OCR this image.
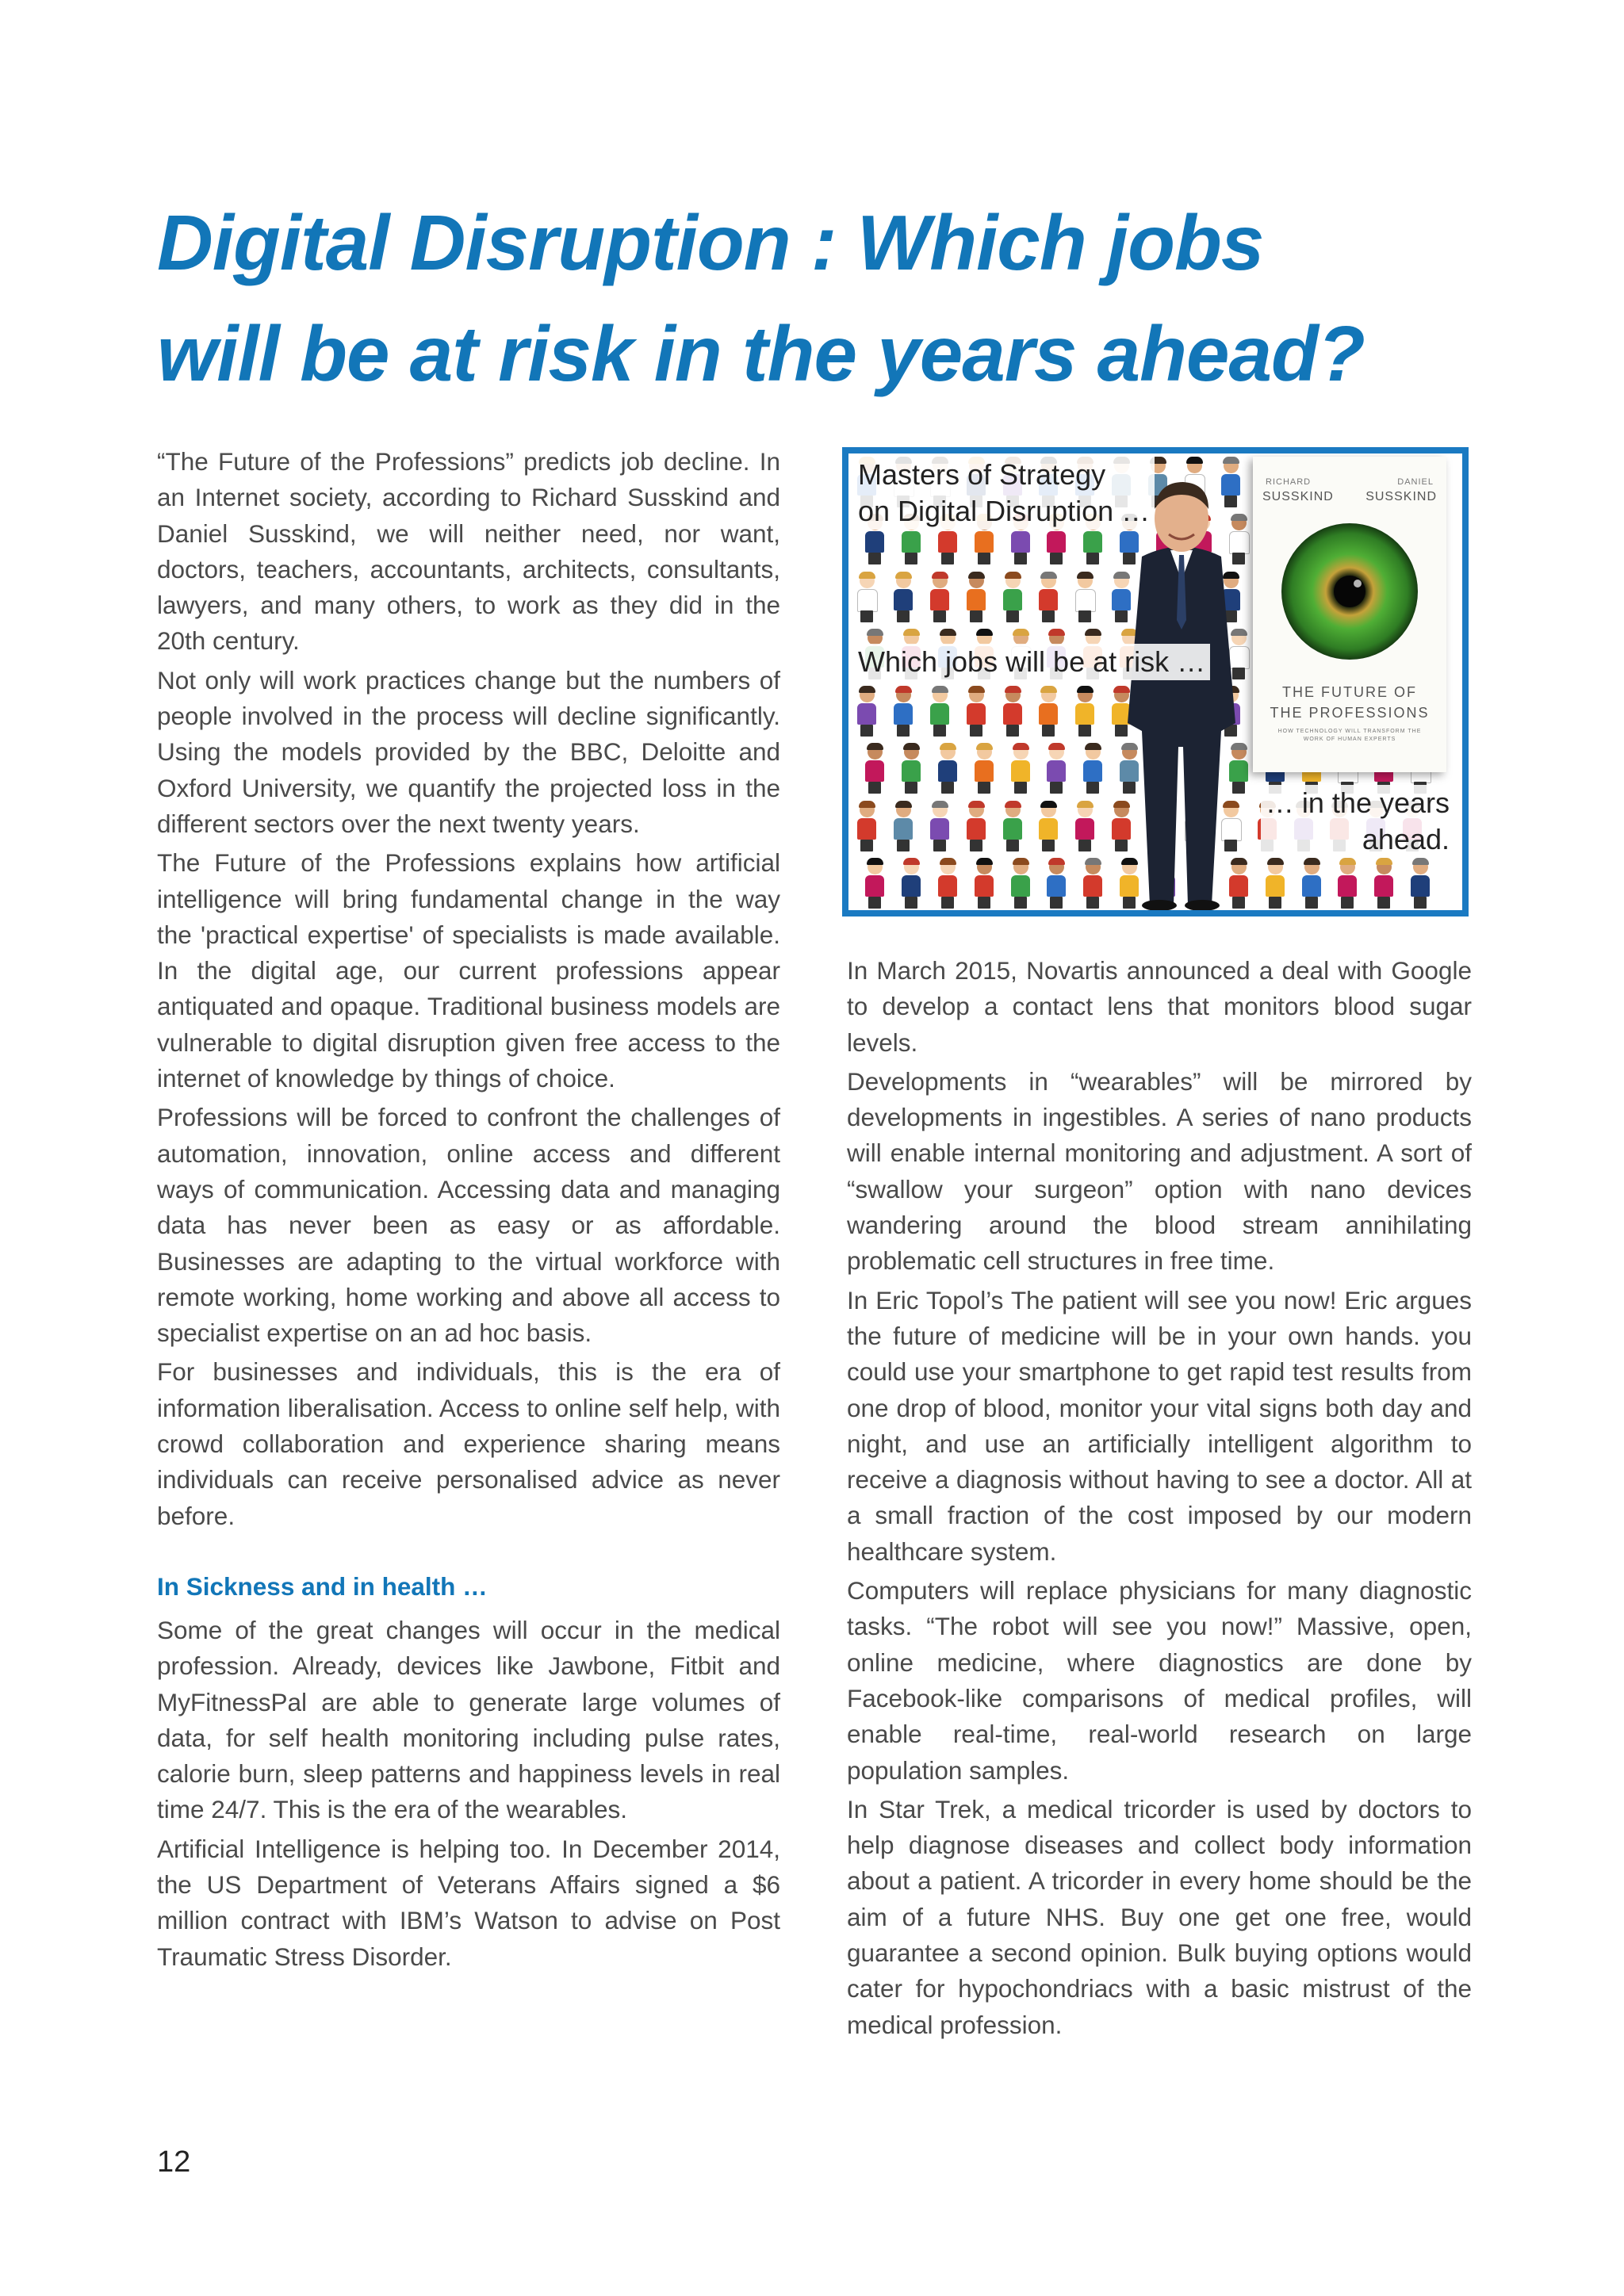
Digital Disruption : Which jobs
will be at risk in the years ahead?

“The Future of the Professions” predicts job decline. In an Internet society, according to Richard Susskind and Daniel Susskind, we will neither need, nor want, doctors, teachers, accountants, architects, consultants, lawyers, and many others, to work as they did in the 20th century.

Not only will work practices change but the numbers of people involved in the process will decline significantly. Using the models provided by the BBC, Deloitte and Oxford University, we quantify the projected loss in the different sectors over the next twenty years.

The Future of the Professions explains how artificial intelligence will bring fundamental change in the way the 'practical expertise' of specialists is made available. In the digital age, our current professions appear antiquated and opaque. Traditional business models are vulnerable to digital disruption given free access to the internet of knowledge by things of choice.

Professions will be forced to confront the challenges of automation, innovation, online access and different ways of communication. Accessing data and managing data has never been as easy or as affordable. Businesses are adapting to the virtual workforce with remote working, home working and above all access to specialist expertise on an ad hoc basis.

For businesses and individuals, this is the era of information liberalisation. Access to online self help, with crowd collaboration and experience sharing means individuals can receive personalised advice as never before.

In Sickness and in health …

Some of the great changes will occur in the medical profession. Already, devices like Jawbone, Fitbit and MyFitnessPal are able to generate large volumes of data, for self health monitoring including pulse rates, calorie burn, sleep patterns and happiness levels in real time 24/7. This is the era of the wearables.

Artificial Intelligence is helping too. In December 2014, the US Department of Veterans Affairs signed a $6 million contract with IBM’s Watson to advise on Post Traumatic Stress Disorder.

RICHARD	DANIEL
SUSSKIND	SUSSKIND

THE FUTURE OF
THE PROFESSIONS

HOW TECHNOLOGY WILL TRANSFORM THE WORK OF HUMAN EXPERTS

Masters of Strategy
on Digital Disruption …

Which jobs will be at risk …

… in the years
ahead.

In March 2015, Novartis announced a deal with Google to develop a contact lens that monitors blood sugar levels.

Developments in “wearables” will be mirrored by developments in ingestibles. A series of nano products will enable internal monitoring and adjustment. A sort of “swallow your surgeon” option with nano devices wandering around the blood stream annihilating problematic cell structures in free time.

In Eric Topol’s The patient will see you now! Eric argues the future of medicine will be in your own hands. you could use your smartphone to get rapid test results from one drop of blood, monitor your vital signs both day and night, and use an artificially intelligent algorithm to receive a diagnosis without having to see a doctor. All at a small fraction of the cost imposed by our modern healthcare system.

Computers will replace physicians for many diagnostic tasks. “The robot will see you now!” Massive, open, online medicine, where diagnostics are done by Facebook-like comparisons of medical profiles, will enable real-time, real-world research on large population samples.

In Star Trek, a medical tricorder is used by doctors to help diagnose diseases and collect body information about a patient. A tricorder in every home should be the aim of a future NHS. Buy one get one free, would guarantee a second opinion. Bulk buying options would cater for hypochondriacs with a basic mistrust of the medical profession.

12
